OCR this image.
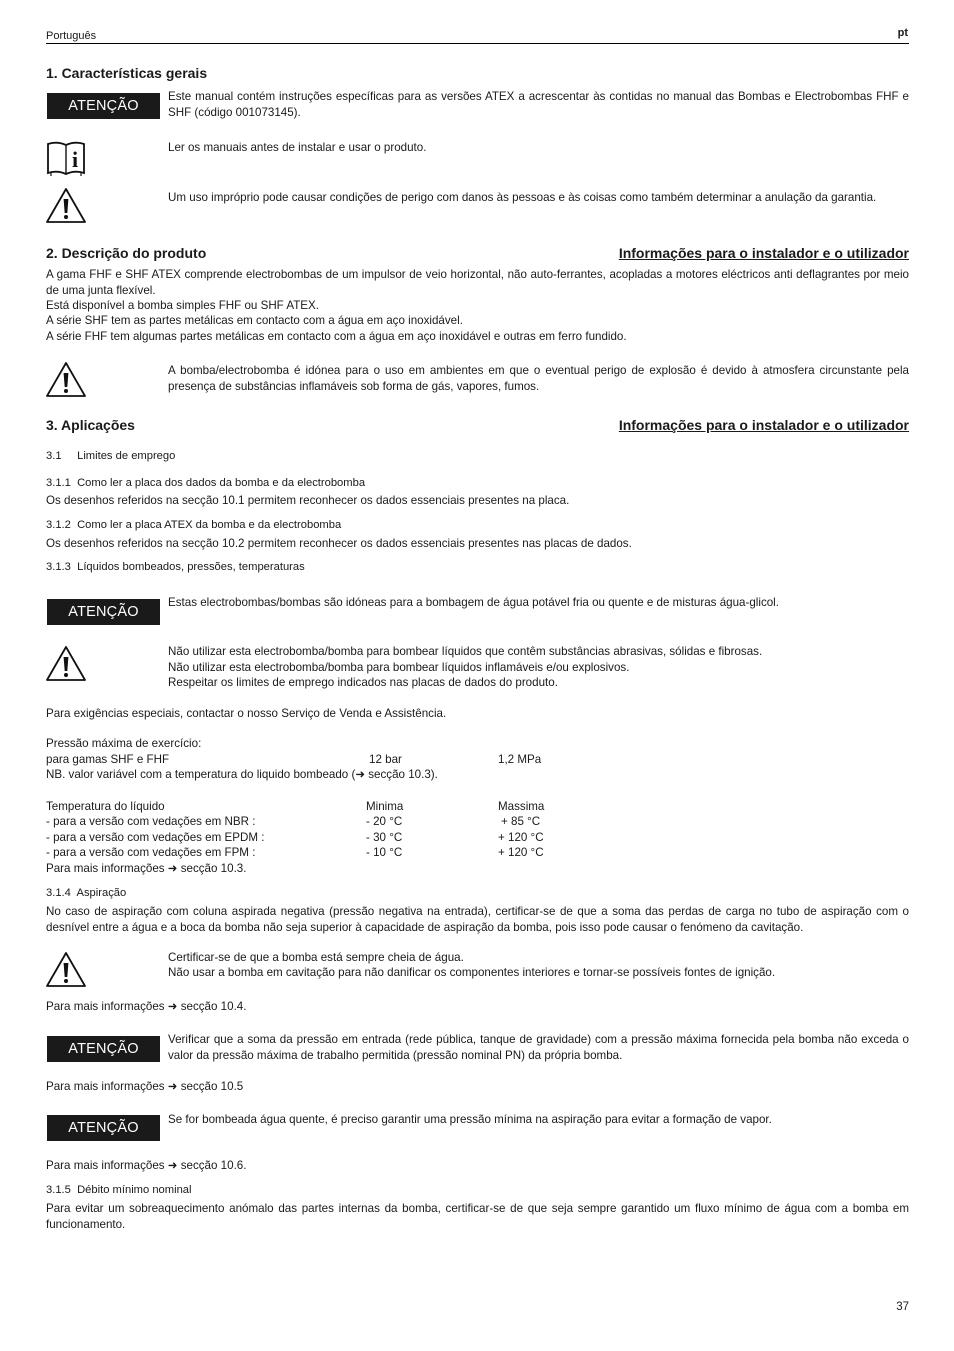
Português	pt
1. Características gerais
ATENÇÃO
Este manual contém instruções específicas para as versões ATEX a acrescentar às contidas no manual das Bombas e Electrobombas FHF e SHF (código 001073145).
i	Ler os manuais antes de instalar e usar o produto.
Um uso impróprio pode causar condições de perigo com danos às pessoas e às coisas como também determinar a anulação da garantia.
2. Descrição do produto	Informações para o instalador e o utilizador
A gama FHF e SHF ATEX comprende electrobombas de um impulsor de veio horizontal, não auto-ferrantes, acopladas a motores eléctricos anti deflagrantes por meio de uma junta flexível.
Está disponível a bomba simples FHF ou SHF ATEX.
A série SHF tem as partes metálicas em contacto com a água em aço inoxidável.
A série FHF tem algumas partes metálicas em contacto com a água em aço inoxidável e outras em ferro fundido.
A bomba/electrobomba é idónea para o uso em ambientes em que o eventual perigo de explosão é devido à atmosfera circunstante pela presença de substâncias inflamáveis sob forma de gás, vapores, fumos.
3. Aplicações	Informações para o instalador e o utilizador
3.1     Limites de emprego
3.1.1  Como ler a placa dos dados da bomba e da electrobomba
Os desenhos referidos na secção 10.1 permitem reconhecer os dados essenciais presentes na placa.
3.1.2  Como ler a placa ATEX da bomba e da electrobomba
Os desenhos referidos na secção 10.2 permitem reconhecer os dados essenciais presentes nas placas de dados.
3.1.3  Líquidos bombeados, pressões, temperaturas
ATENÇÃO
Estas electrobombas/bombas são idóneas para a bombagem de água potável fria ou quente e de misturas água-glicol.
Não utilizar esta electrobomba/bomba para bombear líquidos que contêm substâncias abrasivas, sólidas e fibrosas.
Não utilizar esta electrobomba/bomba para bombear líquidos inflamáveis e/ou explosivos.
Respeitar os limites de emprego indicados nas placas de dados do produto.
Para exigências especiais, contactar o nosso Serviço de Venda e Assistência.
Pressão máxima de exercício:
para gamas SHF e FHF	12 bar	1,2 MPa
NB. valor variável com a temperatura do liquido bombeado (➜ secção 10.3).
Temperatura do líquido	Minima	Massima
- para a versão com vedações em NBR :	- 20 °C	+ 85 °C
- para a versão com vedações em EPDM :	- 30 °C	+ 120 °C
- para a versão com vedações em FPM :	- 10 °C	+ 120 °C
Para mais informações ➜ secção 10.3.
3.1.4  Aspiração
No caso de aspiração com coluna aspirada negativa (pressão negativa na entrada), certificar-se de que a soma das perdas de carga no tubo de aspiração com o desnível entre a água e a boca da bomba não seja superior à capacidade de aspiração da bomba, pois isso pode causar o fenómeno da cavitação.
Certificar-se de que a bomba está sempre cheia de água.
Não usar a bomba em cavitação para não danificar os componentes interiores e tornar-se possíveis fontes de ignição.
Para mais informações ➜ secção 10.4.
ATENÇÃO
Verificar que a soma da pressão em entrada (rede pública, tanque de gravidade) com a pressão máxima fornecida pela bomba não exceda o valor da pressão máxima de trabalho permitida (pressão nominal PN) da própria bomba.
Para mais informações ➜ secção 10.5
ATENÇÃO
Se for bombeada água quente, é preciso garantir uma pressão mínima na aspiração para evitar a formação de vapor.
Para mais informações ➜ secção 10.6.
3.1.5  Débito mínimo nominal
Para evitar um sobreaquecimento anómalo das partes internas da bomba, certificar-se de que seja sempre garantido um fluxo mínimo de água com a bomba em funcionamento.
37
